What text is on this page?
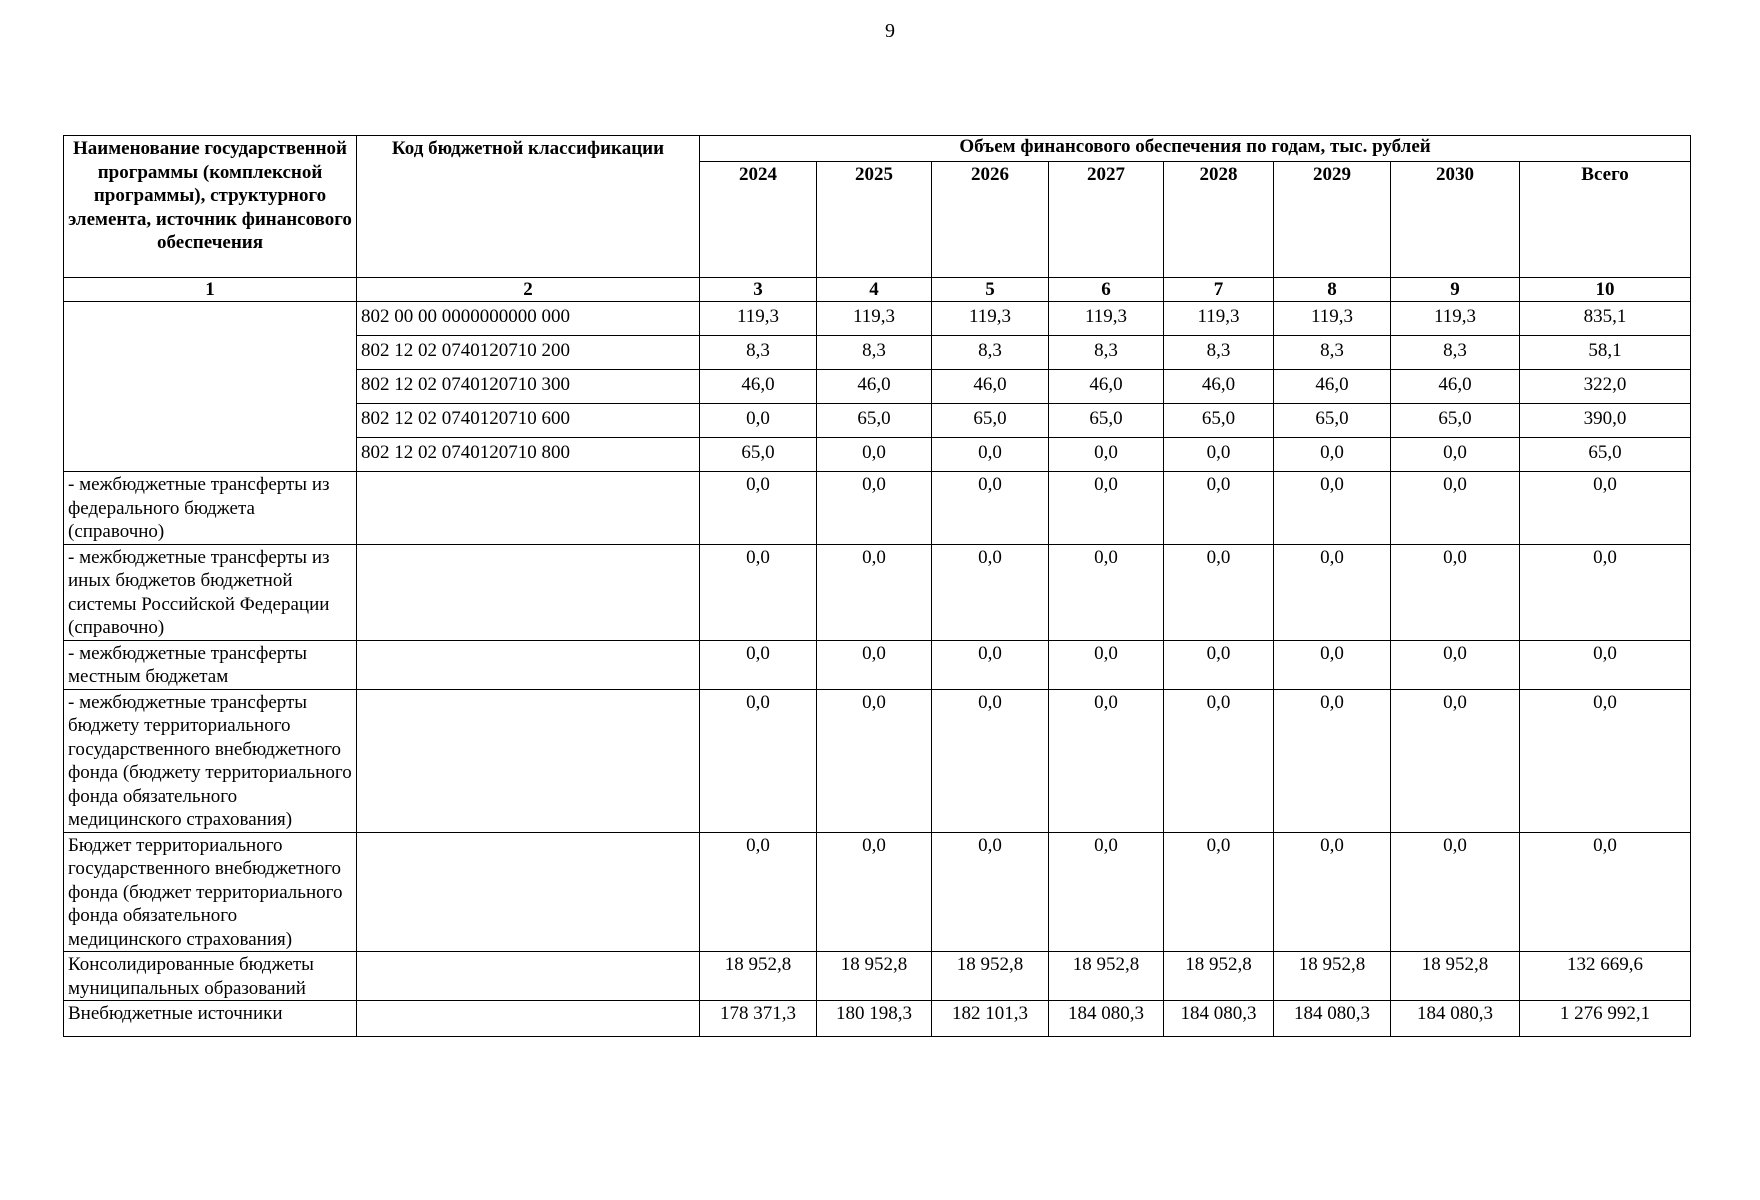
9
Наименование государственной программы (комплексной программы), структурного элемента, источник финансового обеспечения	Код бюджетной классификации	Объем финансового обеспечения по годам, тыс. рублей							
		2024	2025	2026	2027	2028	2029	2030	Всего
1	2	3	4	5	6	7	8	9	10
	802 00 00 0000000000 000	119,3	119,3	119,3	119,3	119,3	119,3	119,3	835,1
	802 12 02 0740120710 200	8,3	8,3	8,3	8,3	8,3	8,3	8,3	58,1
	802 12 02 0740120710 300	46,0	46,0	46,0	46,0	46,0	46,0	46,0	322,0
	802 12 02 0740120710 600	0,0	65,0	65,0	65,0	65,0	65,0	65,0	390,0
	802 12 02 0740120710 800	65,0	0,0	0,0	0,0	0,0	0,0	0,0	65,0
- межбюджетные трансферты из федерального бюджета (справочно)		0,0	0,0	0,0	0,0	0,0	0,0	0,0	0,0
- межбюджетные трансферты из иных бюджетов бюджетной системы Российской Федерации (справочно)		0,0	0,0	0,0	0,0	0,0	0,0	0,0	0,0
- межбюджетные трансферты местным бюджетам		0,0	0,0	0,0	0,0	0,0	0,0	0,0	0,0
- межбюджетные трансферты бюджету территориального государственного внебюджетного фонда (бюджету территориального фонда обязательного медицинского страхования)		0,0	0,0	0,0	0,0	0,0	0,0	0,0	0,0
Бюджет территориального государственного внебюджетного фонда (бюджет территориального фонда обязательного медицинского страхования)		0,0	0,0	0,0	0,0	0,0	0,0	0,0	0,0
Консолидированные бюджеты муниципальных образований		18 952,8	18 952,8	18 952,8	18 952,8	18 952,8	18 952,8	18 952,8	132 669,6
Внебюджетные источники		178 371,3	180 198,3	182 101,3	184 080,3	184 080,3	184 080,3	184 080,3	1 276 992,1
